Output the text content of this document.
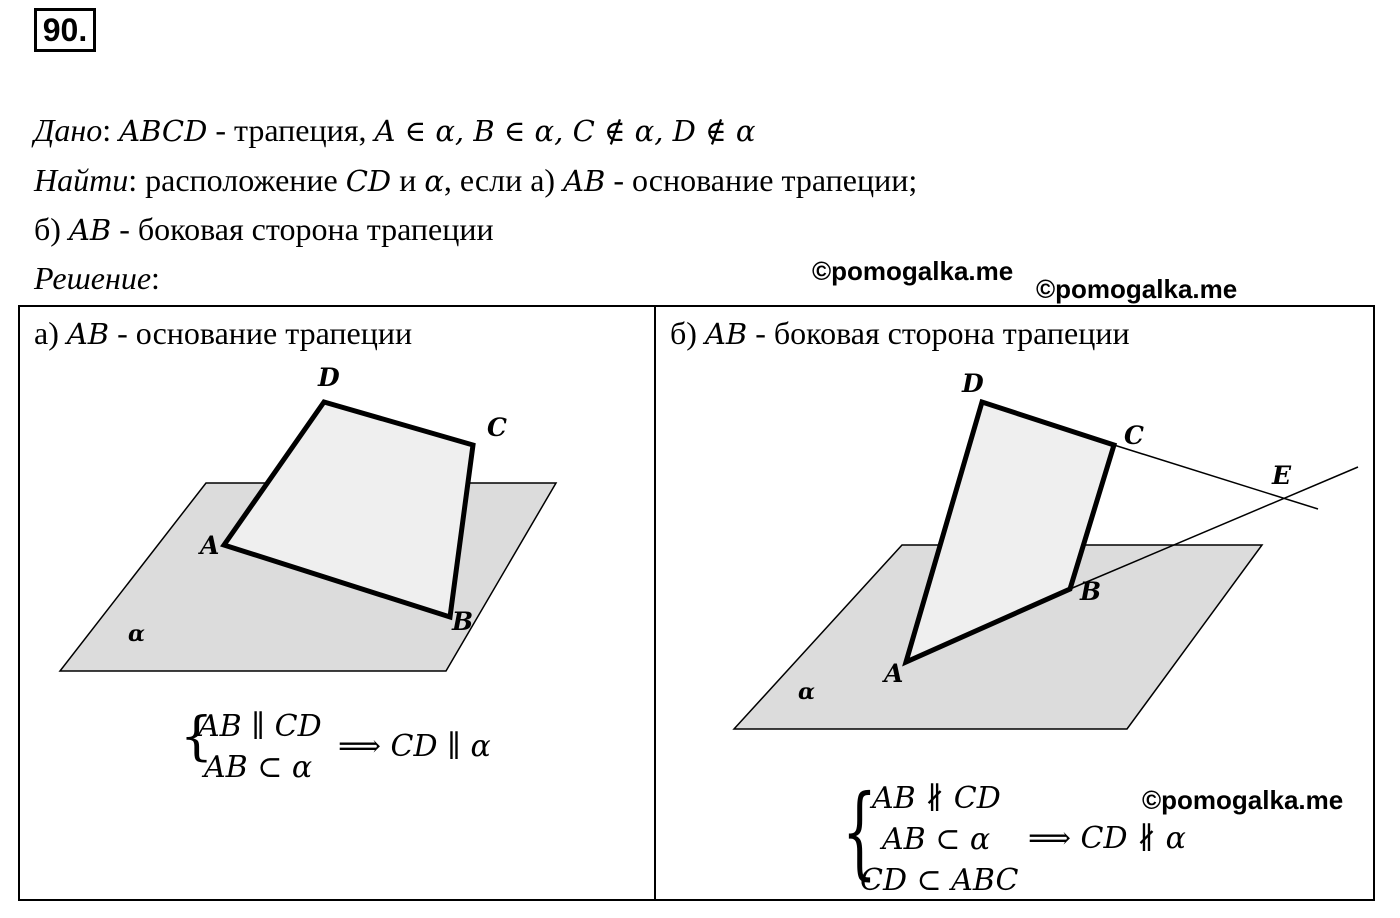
90.
Дано: ABCD - трапеция, A ∈ α, B ∈ α, C ∉ α, D ∉ α
Найти: расположение CD и α, если а) AB - основание трапеции;
б) AB - боковая сторона трапеции
Решение:	©pomogalka.me
©pomogalka.me
а) AB - основание трапеции
A
B
C
D
α
{
AB ∥ CD
AB ⊂ α
⟹ CD ∥ α
б) AB - боковая сторона трапеции
A
B
C
D
E
α
{
AB ∦ CD
AB ⊂ α
CD ⊂ ABC
⟹ CD ∦ α
©pomogalka.me
